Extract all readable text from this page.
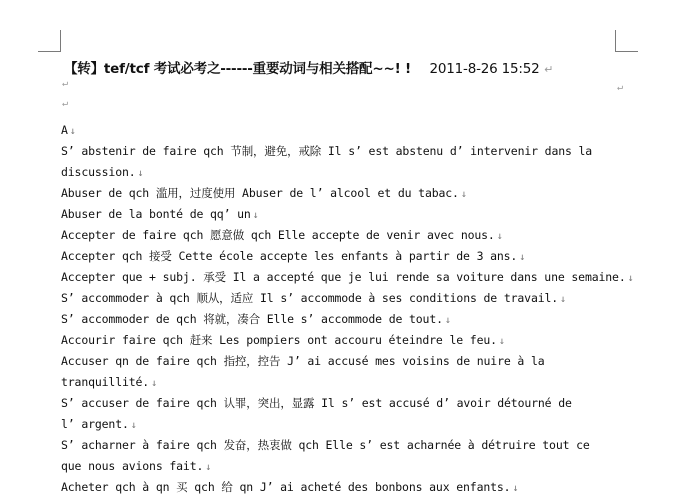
【转】tef/tcf 考试必考之------重要动词与相关搭配~~! ! 2011-8-26 15:52 ↵
↵
↵
↵
A ↓
S’ abstenir de faire qch 节制，避免，戒除 Il s’ est abstenu d’ intervenir dans la
discussion. ↓
Abuser de qch 滥用，过度使用 Abuser de l’ alcool et du tabac. ↓
Abuser de la bonté de qq’ un ↓
Accepter de faire qch 愿意做 qch Elle accepte de venir avec nous. ↓
Accepter qch 接受 Cette école accepte les enfants à partir de 3 ans. ↓
Accepter que + subj. 承受 Il a accepté que je lui rende sa voiture dans une semaine. ↓
S’ accommoder à qch 顺从，适应 Il s’ accommode à ses conditions de travail. ↓
S’ accommoder de qch 将就，凑合 Elle s’ accommode de tout. ↓
Accourir faire qch 赶来 Les pompiers ont accouru éteindre le feu. ↓
Accuser qn de faire qch 指控，控告 J’ ai accusé mes voisins de nuire à la
tranquillité. ↓
S’ accuser de faire qch 认罪，突出，显露 Il s’ est accusé d’ avoir détourné de
l’ argent. ↓
S’ acharner à faire qch 发奋，热衷做 qch Elle s’ est acharnée à détruire tout ce
que nous avions fait. ↓
Acheter qch à qn 买 qch 给 qn J’ ai acheté des bonbons aux enfants. ↓
